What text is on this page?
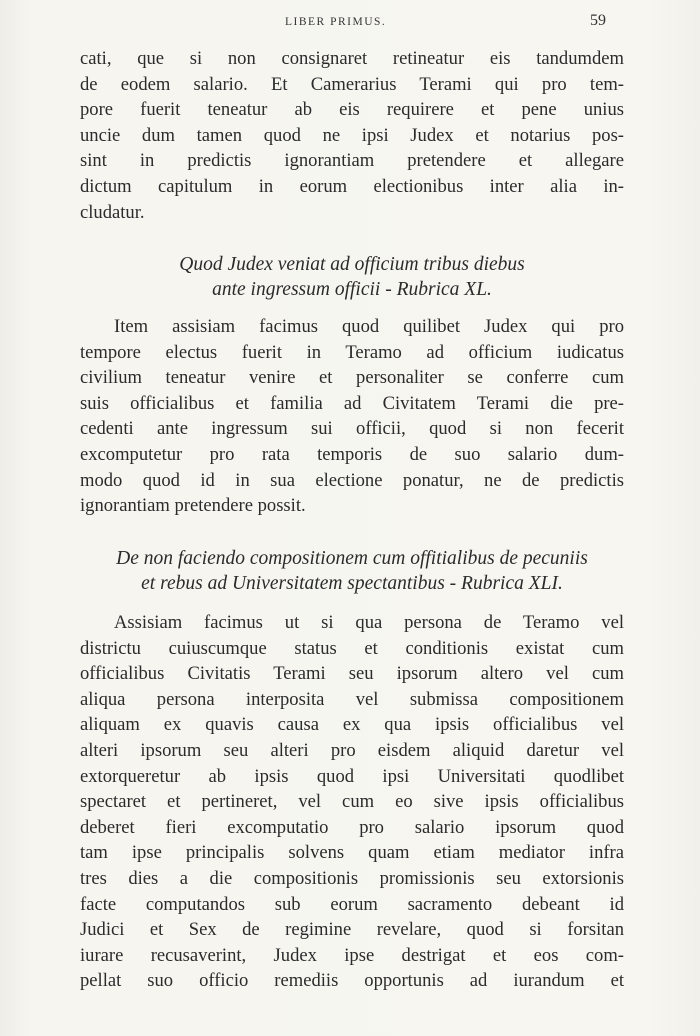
LIBER PRIMUS.	59
cati, que si non consignaret retineatur eis tandumdem
de eodem salario. Et Camerarius Terami qui pro tem-
pore fuerit teneatur ab eis requirere et pene unius
uncie dum tamen quod ne ipsi Judex et notarius pos-
sint in predictis ignorantiam pretendere et allegare
dictum capitulum in eorum electionibus inter alia in-
cludatur.
Quod Judex veniat ad officium tribus diebus
ante ingressum officii - Rubrica XL.
Item assisiam facimus quod quilibet Judex qui pro
tempore electus fuerit in Teramo ad officium iudicatus
civilium teneatur venire et personaliter se conferre cum
suis officialibus et familia ad Civitatem Terami die pre-
cedenti ante ingressum sui officii, quod si non fecerit
excomputetur pro rata temporis de suo salario dum-
modo quod id in sua electione ponatur, ne de predictis
ignorantiam pretendere possit.
De non faciendo compositionem cum offitialibus de pecuniis
et rebus ad Universitatem spectantibus - Rubrica XLI.
Assisiam facimus ut si qua persona de Teramo vel
districtu cuiuscumque status et conditionis existat cum
officialibus Civitatis Terami seu ipsorum altero vel cum
aliqua persona interposita vel submissa compositionem
aliquam ex quavis causa ex qua ipsis officialibus vel
alteri ipsorum seu alteri pro eisdem aliquid daretur vel
extorqueretur ab ipsis quod ipsi Universitati quodlibet
spectaret et pertineret, vel cum eo sive ipsis officialibus
deberet fieri excomputatio pro salario ipsorum quod
tam ipse principalis solvens quam etiam mediator infra
tres dies a die compositionis promissionis seu extorsionis
facte computandos sub eorum sacramento debeant id
Judici et Sex de regimine revelare, quod si forsitan
iurare recusaverint, Judex ipse destrigat et eos com-
pellat suo officio remediis opportunis ad iurandum et
